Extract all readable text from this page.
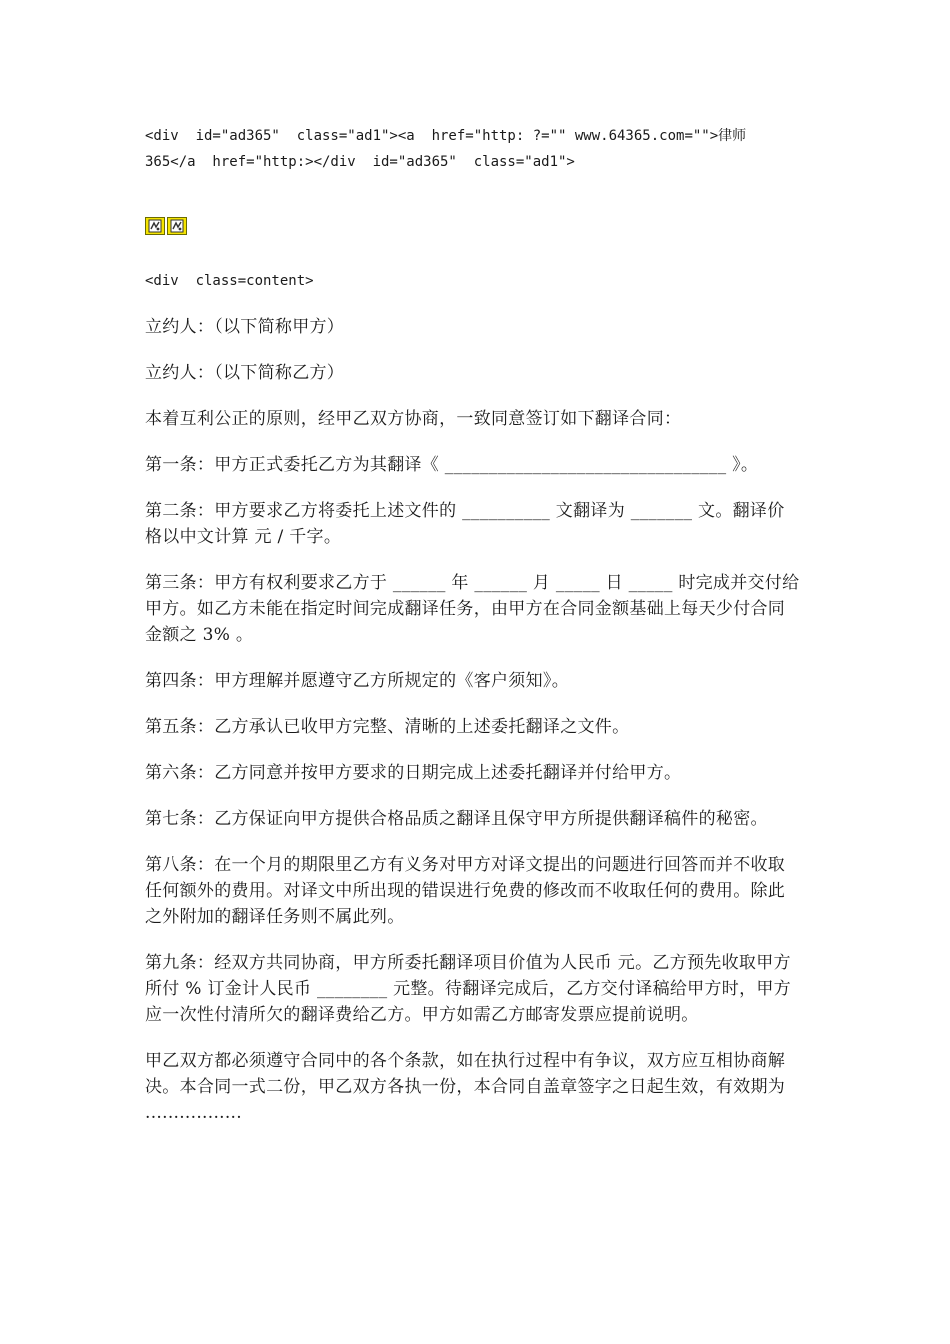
<div  id="ad365"  class="ad1"><a  href="http: ?="" www.64365.com="">律师

365</a  href="http:></div  id="ad365"  class="ad1">

<div  class=content>

立约人：（以下简称甲方）

立约人：（以下简称乙方）

本着互利公正的原则，经甲乙双方协商，一致同意签订如下翻译合同：

第一条：甲方正式委托乙方为其翻译《 ________________________________ 》。

第二条：甲方要求乙方将委托上述文件的 __________ 文翻译为 _______ 文。翻译价格以中文计算 元 / 千字。

第三条：甲方有权利要求乙方于 ______ 年 ______ 月 _____ 日 _____ 时完成并交付给甲方。如乙方未能在指定时间完成翻译任务，由甲方在合同金额基础上每天少付合同金额之 3% 。

第四条：甲方理解并愿遵守乙方所规定的《客户须知》。

第五条：乙方承认已收甲方完整、清晰的上述委托翻译之文件。

第六条：乙方同意并按甲方要求的日期完成上述委托翻译并付给甲方。

第七条：乙方保证向甲方提供合格品质之翻译且保守甲方所提供翻译稿件的秘密。

第八条：在一个月的期限里乙方有义务对甲方对译文提出的问题进行回答而并不收取任何额外的费用。对译文中所出现的错误进行免费的修改而不收取任何的费用。除此之外附加的翻译任务则不属此列。

第九条：经双方共同协商，甲方所委托翻译项目价值为人民币 元。乙方预先收取甲方所付 % 订金计人民币 ________ 元整。待翻译完成后，乙方交付译稿给甲方时，甲方应一次性付清所欠的翻译费给乙方。甲方如需乙方邮寄发票应提前说明。

甲乙双方都必须遵守合同中的各个条款，如在执行过程中有争议，双方应互相协商解决。本合同一式二份，甲乙双方各执一份，本合同自盖章签字之日起生效，有效期为 .................
